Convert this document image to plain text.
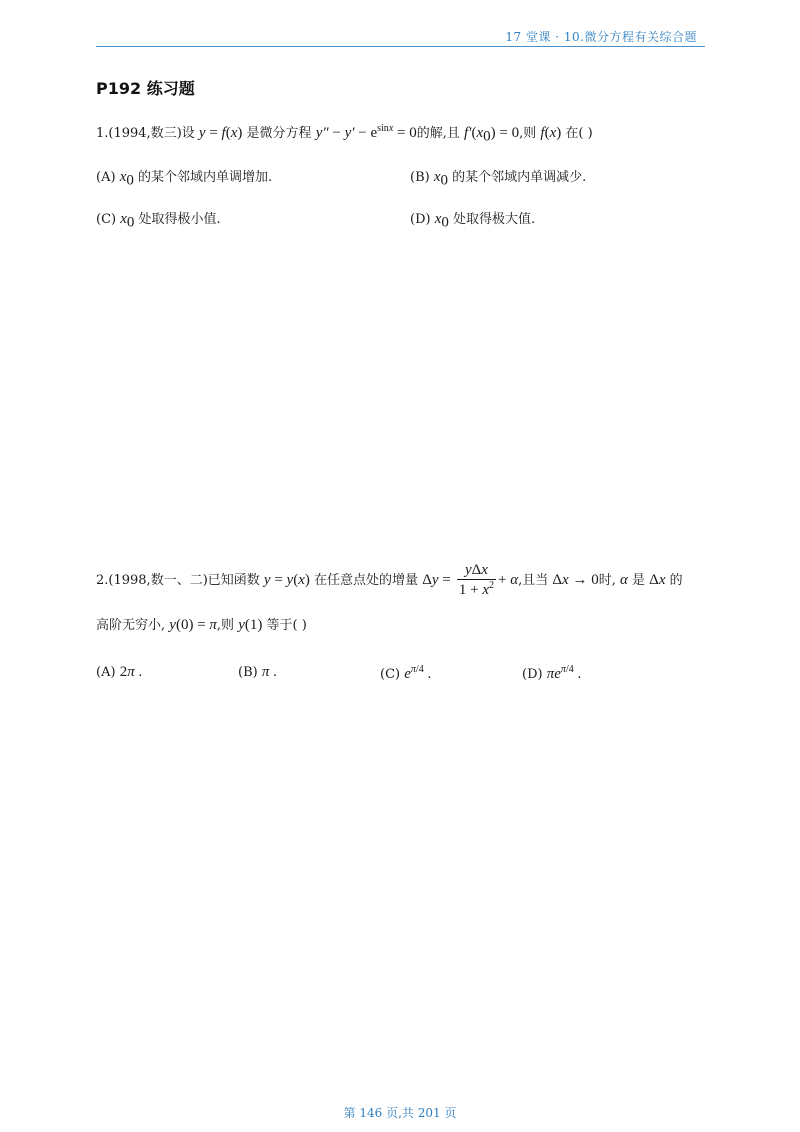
17 堂课 · 10.微分方程有关综合题
P192 练习题
1.(1994,数三)设 y = f(x) 是微分方程 $y'' - y' - e^{sinx} = 0$的解,且 $f'(x_0) = 0$,则 f(x) 在( )
(A) $x_0$ 的某个邻域内单调增加.	(B) $x_0$ 的某个邻域内单调减少.
(C) $x_0$ 处取得极小值.	(D) $x_0$ 处取得极大值.
2.(1998,数一、二)已知函数 y = y(x) 在任意点处的增量 $\Delta y = \frac{\text{yΔx}}{1 + x^2} + \alpha$,且当 Δx → 0时, α 是 Δx 的
高阶无穷小, y(0) = π,则 y(1) 等于( )
(A) 2π .	(B) π .	(C) $e^{\pi/4}$ .	(D) $\pi e^{\pi/4}$ .
第 146 页,共 201 页
